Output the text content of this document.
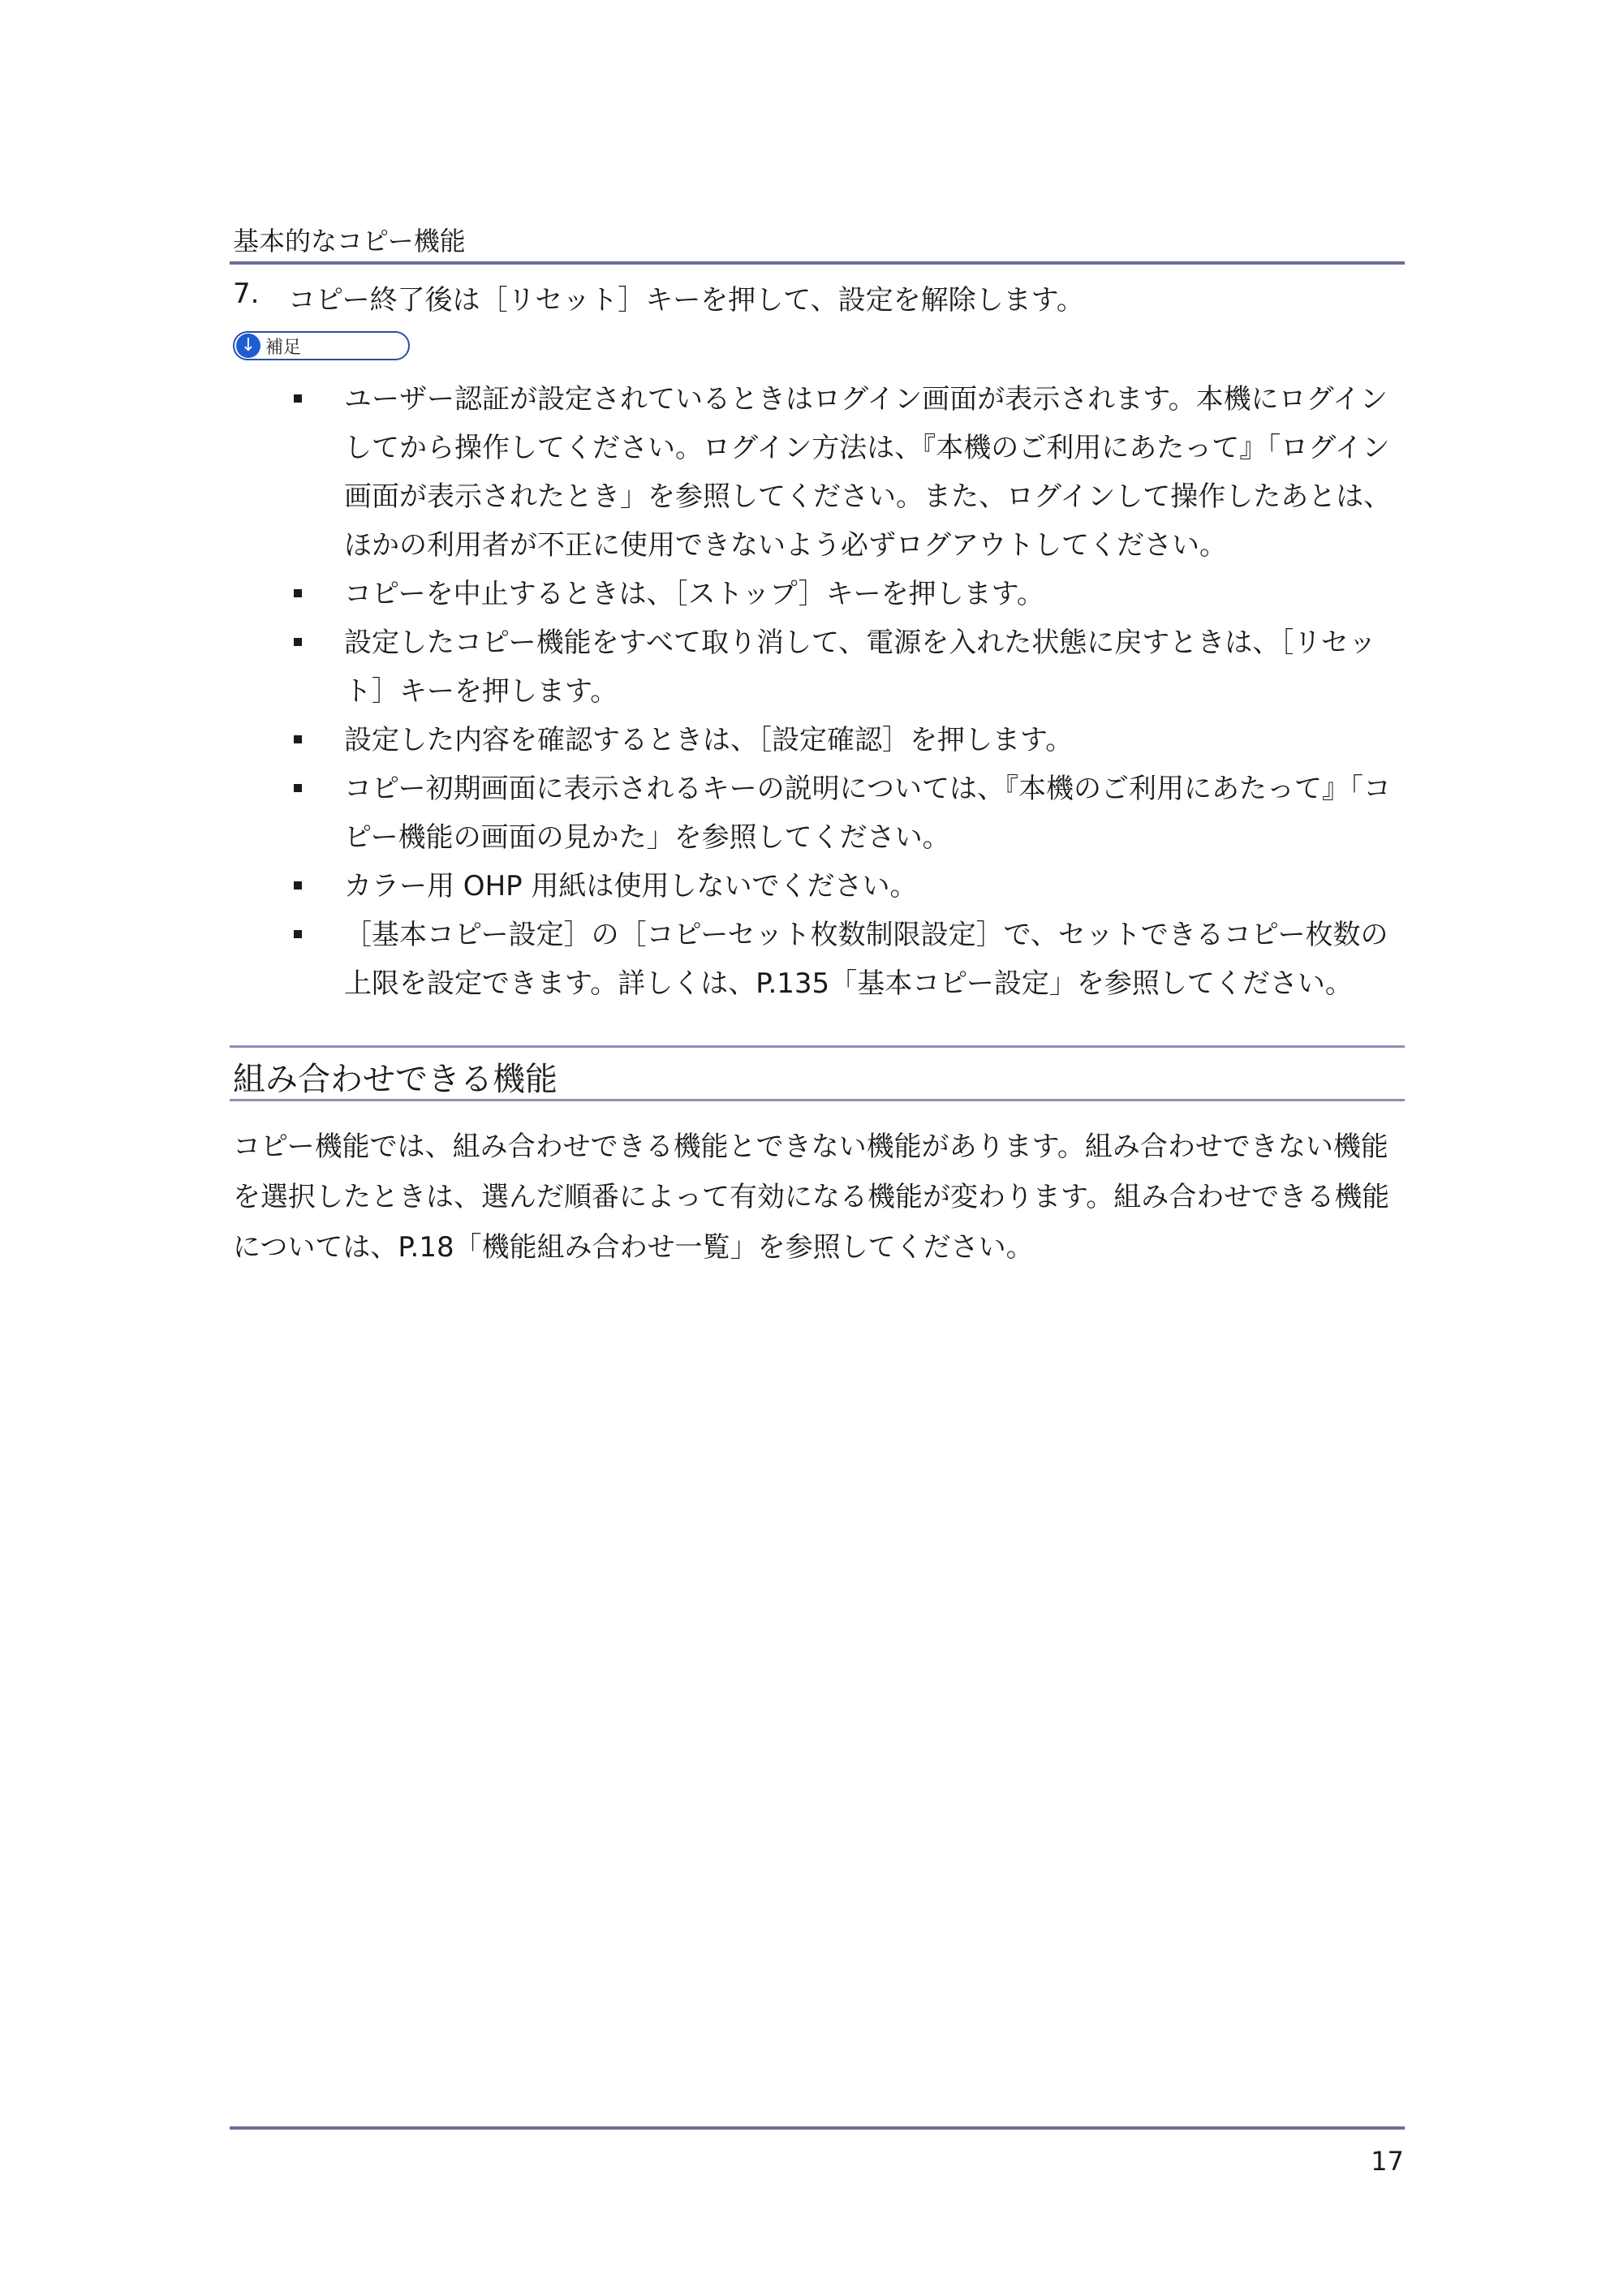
基本的なコピー機能
7.	コピー終了後は［リセット］キーを押して、設定を解除します。
↓ 補足
ユーザー認証が設定されているときはログイン画面が表示されます。本機にログインしてから操作してください。ログイン方法は、『本機のご利用にあたって』「ログイン画面が表示されたとき」を参照してください。また、ログインして操作したあとは、ほかの利用者が不正に使用できないよう必ずログアウトしてください。
コピーを中止するときは、［ストップ］キーを押します。
設定したコピー機能をすべて取り消して、電源を入れた状態に戻すときは、［リセット］キーを押します。
設定した内容を確認するときは、［設定確認］を押します。
コピー初期画面に表示されるキーの説明については、『本機のご利用にあたって』「コピー機能の画面の見かた」を参照してください。
カラー用 OHP 用紙は使用しないでください。
［基本コピー設定］の［コピーセット枚数制限設定］で、セットできるコピー枚数の上限を設定できます。詳しくは、P.135「基本コピー設定」を参照してください。
組み合わせできる機能
コピー機能では、組み合わせできる機能とできない機能があります。組み合わせできない機能を選択したときは、選んだ順番によって有効になる機能が変わります。組み合わせできる機能については、P.18「機能組み合わせ一覧」を参照してください。
17
